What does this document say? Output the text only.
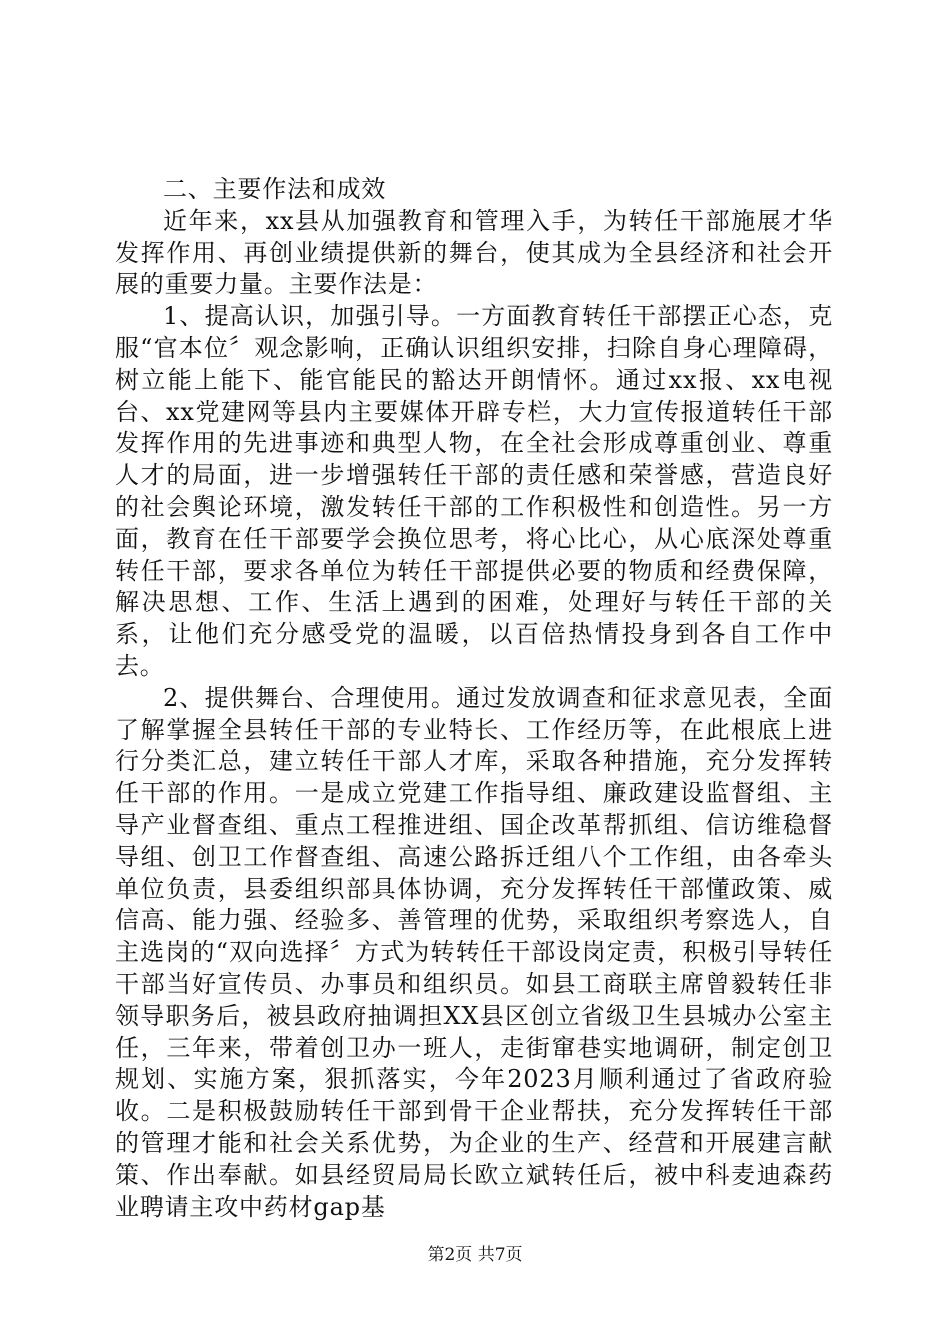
二、主要作法和成效

近年来，xx县从加强教育和管理入手，为转任干部施展才华发挥作用、再创业绩提供新的舞台，使其成为全县经济和社会开展的重要力量。主要作法是：

1、提高认识，加强引导。一方面教育转任干部摆正心态，克服“官本位〞观念影响，正确认识组织安排，扫除自身心理障碍，树立能上能下、能官能民的豁达开朗情怀。通过xx报、xx电视台、xx党建网等县内主要媒体开辟专栏，大力宣传报道转任干部发挥作用的先进事迹和典型人物，在全社会形成尊重创业、尊重人才的局面，进一步增强转任干部的责任感和荣誉感，营造良好的社会舆论环境，激发转任干部的工作积极性和创造性。另一方面，教育在任干部要学会换位思考，将心比心，从心底深处尊重转任干部，要求各单位为转任干部提供必要的物质和经费保障，解决思想、工作、生活上遇到的困难，处理好与转任干部的关系，让他们充分感受党的温暖，以百倍热情投身到各自工作中去。

2、提供舞台、合理使用。通过发放调查和征求意见表，全面了解掌握全县转任干部的专业特长、工作经历等，在此根底上进行分类汇总，建立转任干部人才库，采取各种措施，充分发挥转任干部的作用。一是成立党建工作指导组、廉政建设监督组、主导产业督查组、重点工程推进组、国企改革帮抓组、信访维稳督导组、创卫工作督查组、高速公路拆迁组八个工作组，由各牵头单位负责，县委组织部具体协调，充分发挥转任干部懂政策、威信高、能力强、经验多、善管理的优势，采取组织考察选人，自主选岗的“双向选择〞方式为转转任干部设岗定责，积极引导转任干部当好宣传员、办事员和组织员。如县工商联主席曾毅转任非领导职务后，被县政府抽调担XX县区创立省级卫生县城办公室主任，三年来，带着创卫办一班人，走街窜巷实地调研，制定创卫规划、实施方案，狠抓落实，今年2023月顺利通过了省政府验收。二是积极鼓励转任干部到骨干企业帮扶，充分发挥转任干部的管理才能和社会关系优势，为企业的生产、经营和开展建言献策、作出奉献。如县经贸局局长欧立斌转任后，被中科麦迪森药业聘请主攻中药材gap基

第2页 共7页
